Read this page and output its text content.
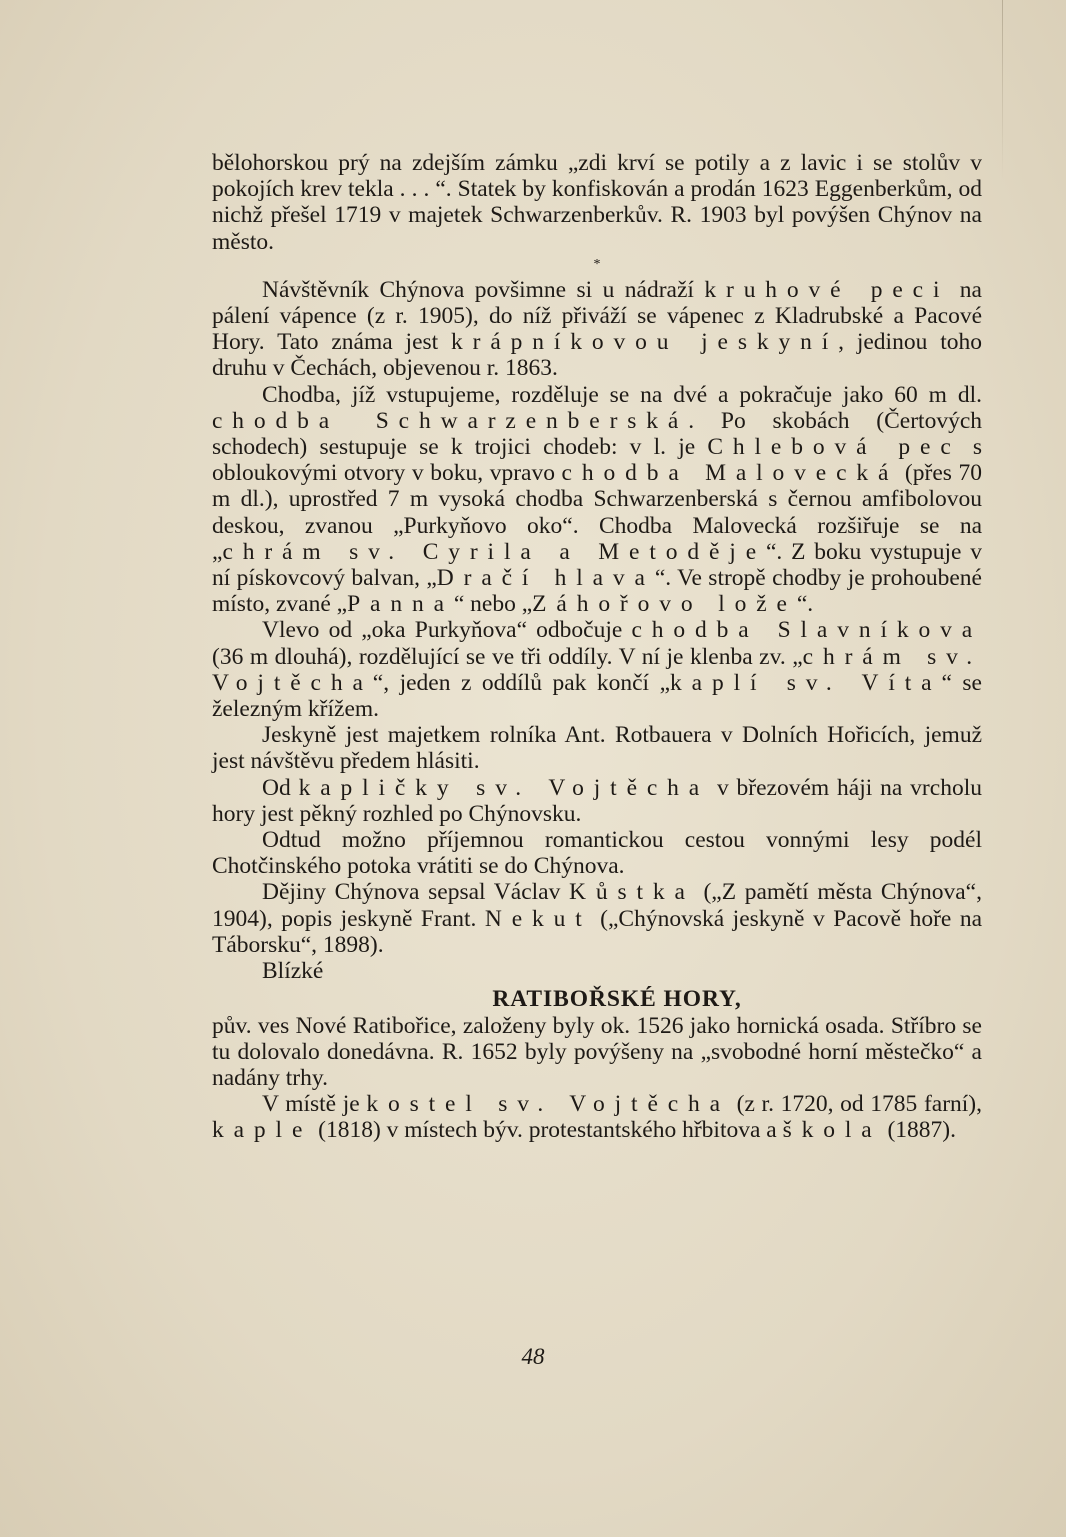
bělohorskou prý na zdejším zámku „zdi krví se potily a z lavic i se stolův v pokojích krev tekla . . . “. Statek by konfiskován a prodán 1623 Eggenberkům, od nichž přešel 1719 v majetek Schwarzenberkův. R. 1903 byl povýšen Chýnov na město.

*

Návštěvník Chýnova povšimne si u nádraží kruhové peci na pálení vápence (z r. 1905), do níž přiváží se vápenec z Kladrubské a Pacové Hory. Tato známa jest krápníkovou jeskyní, jedinou toho druhu v Čechách, objevenou r. 1863.

Chodba, jíž vstupujeme, rozděluje se na dvé a pokračuje jako 60 m dl. chodba Schwarzenberská. Po skobách (Čertových schodech) sestupuje se k trojici chodeb: v l. je Chlebová pec s obloukovými otvory v boku, vpravo chodba Malovecká (přes 70 m dl.), uprostřed 7 m vysoká chodba Schwarzenberská s černou amfibolovou deskou, zvanou „Purkyňovo oko“. Chodba Malovecká rozšiřuje se na „chrám sv. Cyrila a Metoděje“. Z boku vystupuje v ní pískovcový balvan, „Dračí hlava“. Ve stropě chodby je prohoubené místo, zvané „Panna“ nebo „Záhořovo lože“.

Vlevo od „oka Purkyňova“ odbočuje chodba Slavníkova (36 m dlouhá), rozdělující se ve tři oddíly. V ní je klenba zv. „chrám sv. Vojtěcha“, jeden z oddílů pak končí „kaplí sv. Víta“ se železným křížem.

Jeskyně jest majetkem rolníka Ant. Rotbauera v Dolních Hořicích, jemuž jest návštěvu předem hlásiti.

Od kapličky sv. Vojtěcha v březovém háji na vrcholu hory jest pěkný rozhled po Chýnovsku.

Odtud možno příjemnou romantickou cestou vonnými lesy podél Chotčinského potoka vrátiti se do Chýnova.

Dějiny Chýnova sepsal Václav Kůstka („Z pamětí města Chýnova“, 1904), popis jeskyně Frant. Nekut („Chýnovská jeskyně v Pacově hoře na Táborsku“, 1898).

Blízké

RATIBOŘSKÉ HORY,

pův. ves Nové Ratibořice, založeny byly ok. 1526 jako hornická osada. Stříbro se tu dolovalo donedávna. R. 1652 byly povýšeny na „svobodné horní městečko“ a nadány trhy.

V místě je kostel sv. Vojtěcha (z r. 1720, od 1785 farní), kaple (1818) v místech býv. protestantského hřbitova a škola (1887).

48
